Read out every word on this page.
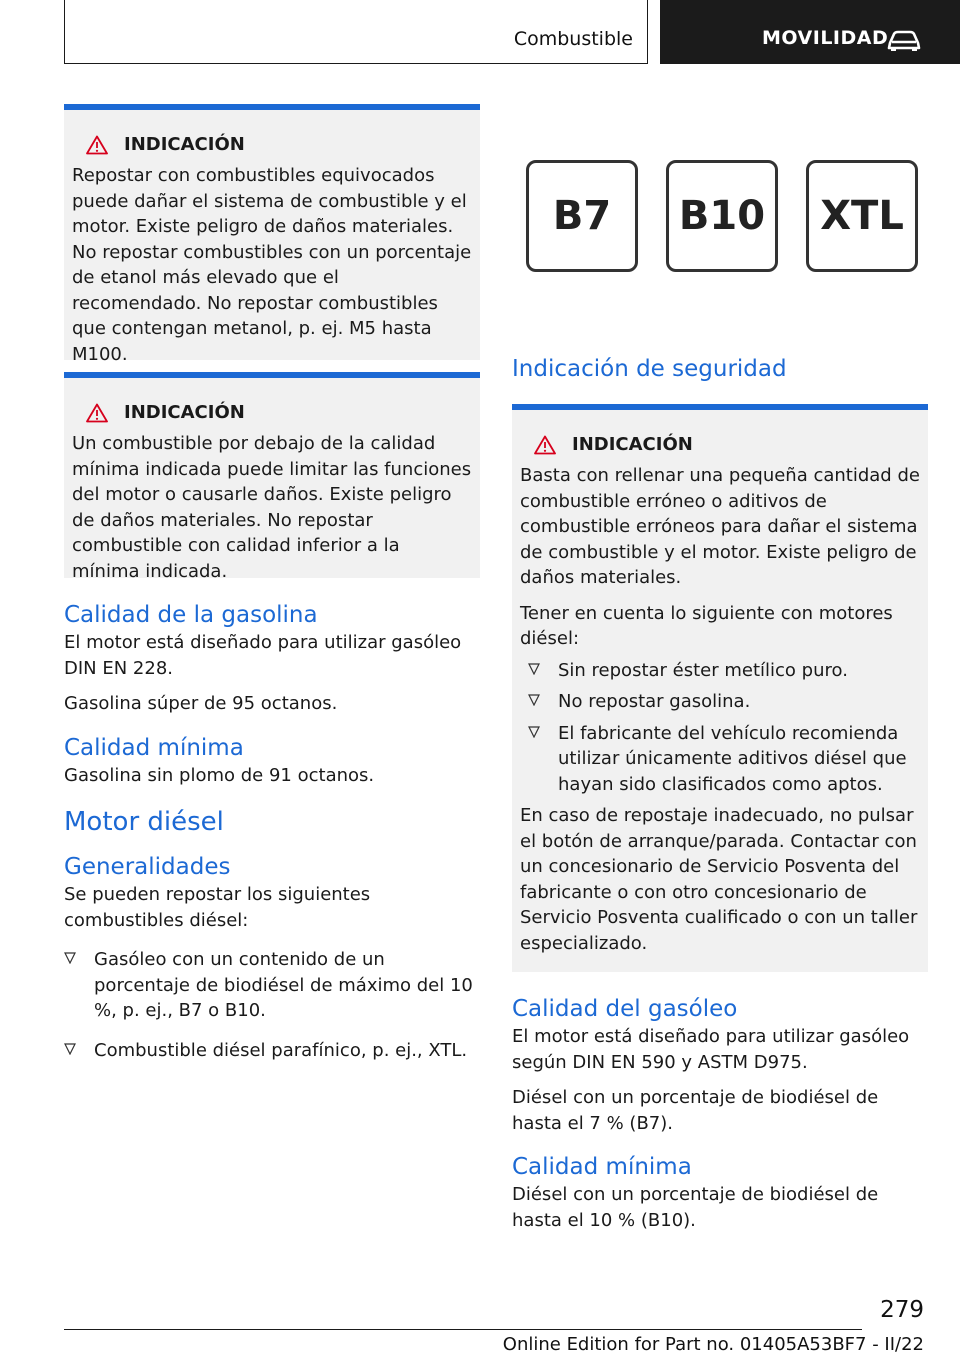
Combustible	MOVILIDAD
INDICACIÓN

Repostar con combustibles equivocados puede dañar el sistema de combustible y el motor. Existe peligro de daños materiales. No repostar combustibles con un porcentaje de etanol más elevado que el recomendado. No repostar combustibles que contengan metanol, p. ej. M5 hasta M100.

INDICACIÓN

Un combustible por debajo de la calidad mínima indicada puede limitar las funciones del motor o causarle daños. Existe peligro de daños materiales. No repostar combustible con calidad inferior a la mínima indicada.

Calidad de la gasolina

El motor está diseñado para utilizar gasóleo DIN EN 228.

Gasolina súper de 95 octanos.

Calidad mínima

Gasolina sin plomo de 91 octanos.

Motor diésel
Generalidades

Se pueden repostar los siguientes combustibles diésel:

Gasóleo con un contenido de un porcentaje de biodiésel de máximo del 10 %, p. ej., B7 o B10.
Combustible diésel parafínico, p. ej., XTL.
B7	B10	XTL
Indicación de seguridad
INDICACIÓN

Basta con rellenar una pequeña cantidad de combustible erróneo o aditivos de combustible erróneos para dañar el sistema de combustible y el motor. Existe peligro de daños materiales.

Tener en cuenta lo siguiente con motores diésel:

Sin repostar éster metílico puro.
No repostar gasolina.
El fabricante del vehículo recomienda utilizar únicamente aditivos diésel que hayan sido clasificados como aptos.

En caso de repostaje inadecuado, no pulsar el botón de arranque/parada. Contactar con un concesionario de Servicio Posventa del fabricante o con otro concesionario de Servicio Posventa cualificado o con un taller especializado.

Calidad del gasóleo

El motor está diseñado para utilizar gasóleo según DIN EN 590 y ASTM D975.

Diésel con un porcentaje de biodiésel de hasta el 7 % (B7).

Calidad mínima

Diésel con un porcentaje de biodiésel de hasta el 10 % (B10).

279
Online Edition for Part no. 01405A53BF7 - II/22
